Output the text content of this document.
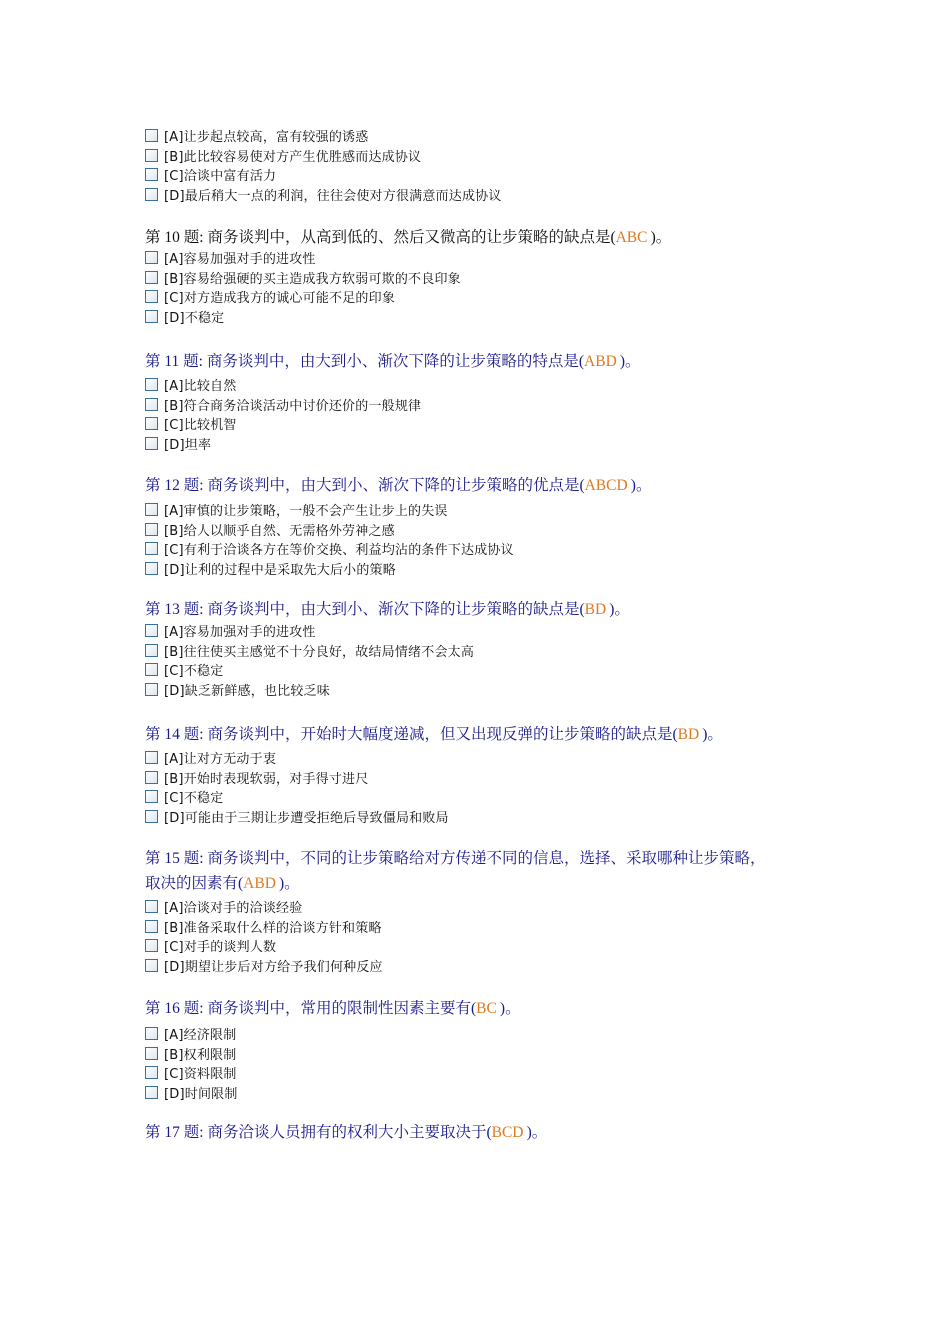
[A]让步起点较高，富有较强的诱惑
[B]此比较容易使对方产生优胜感而达成协议
[C]洽谈中富有活力
[D]最后稍大一点的利润，往往会使对方很满意而达成协议
第 10 题: 商务谈判中，从高到低的、然后又微高的让步策略的缺点是(ABC  )。
[A]容易加强对手的进攻性
[B]容易给强硬的买主造成我方软弱可欺的不良印象
[C]对方造成我方的诚心可能不足的印象
[D]不稳定
第 11 题: 商务谈判中，由大到小、渐次下降的让步策略的特点是(ABD  )。
[A]比较自然
[B]符合商务洽谈活动中讨价还价的一般规律
[C]比较机智
[D]坦率
第 12 题: 商务谈判中，由大到小、渐次下降的让步策略的优点是(ABCD  )。
[A]审慎的让步策略，一般不会产生让步上的失误
[B]给人以顺乎自然、无需格外劳神之感
[C]有利于洽谈各方在等价交换、利益均沾的条件下达成协议
[D]让利的过程中是采取先大后小的策略
第 13 题: 商务谈判中，由大到小、渐次下降的让步策略的缺点是(BD  )。
[A]容易加强对手的进攻性
[B]往往使买主感觉不十分良好，故结局情绪不会太高
[C]不稳定
[D]缺乏新鲜感，也比较乏味
第 14 题: 商务谈判中，开始时大幅度递减，但又出现反弹的让步策略的缺点是(BD  )。
[A]让对方无动于衷
[B]开始时表现软弱，对手得寸进尺
[C]不稳定
[D]可能由于三期让步遭受拒绝后导致僵局和败局
第 15 题: 商务谈判中，不同的让步策略给对方传递不同的信息，选择、采取哪种让步策略，
取决的因素有(ABD  )。
[A]洽谈对手的洽谈经验
[B]准备采取什么样的洽谈方针和策略
[C]对手的谈判人数
[D]期望让步后对方给予我们何种反应
第 16 题: 商务谈判中，常用的限制性因素主要有(BC  )。
[A]经济限制
[B]权利限制
[C]资料限制
[D]时间限制
第 17 题: 商务洽谈人员拥有的权利大小主要取决于(BCD  )。
